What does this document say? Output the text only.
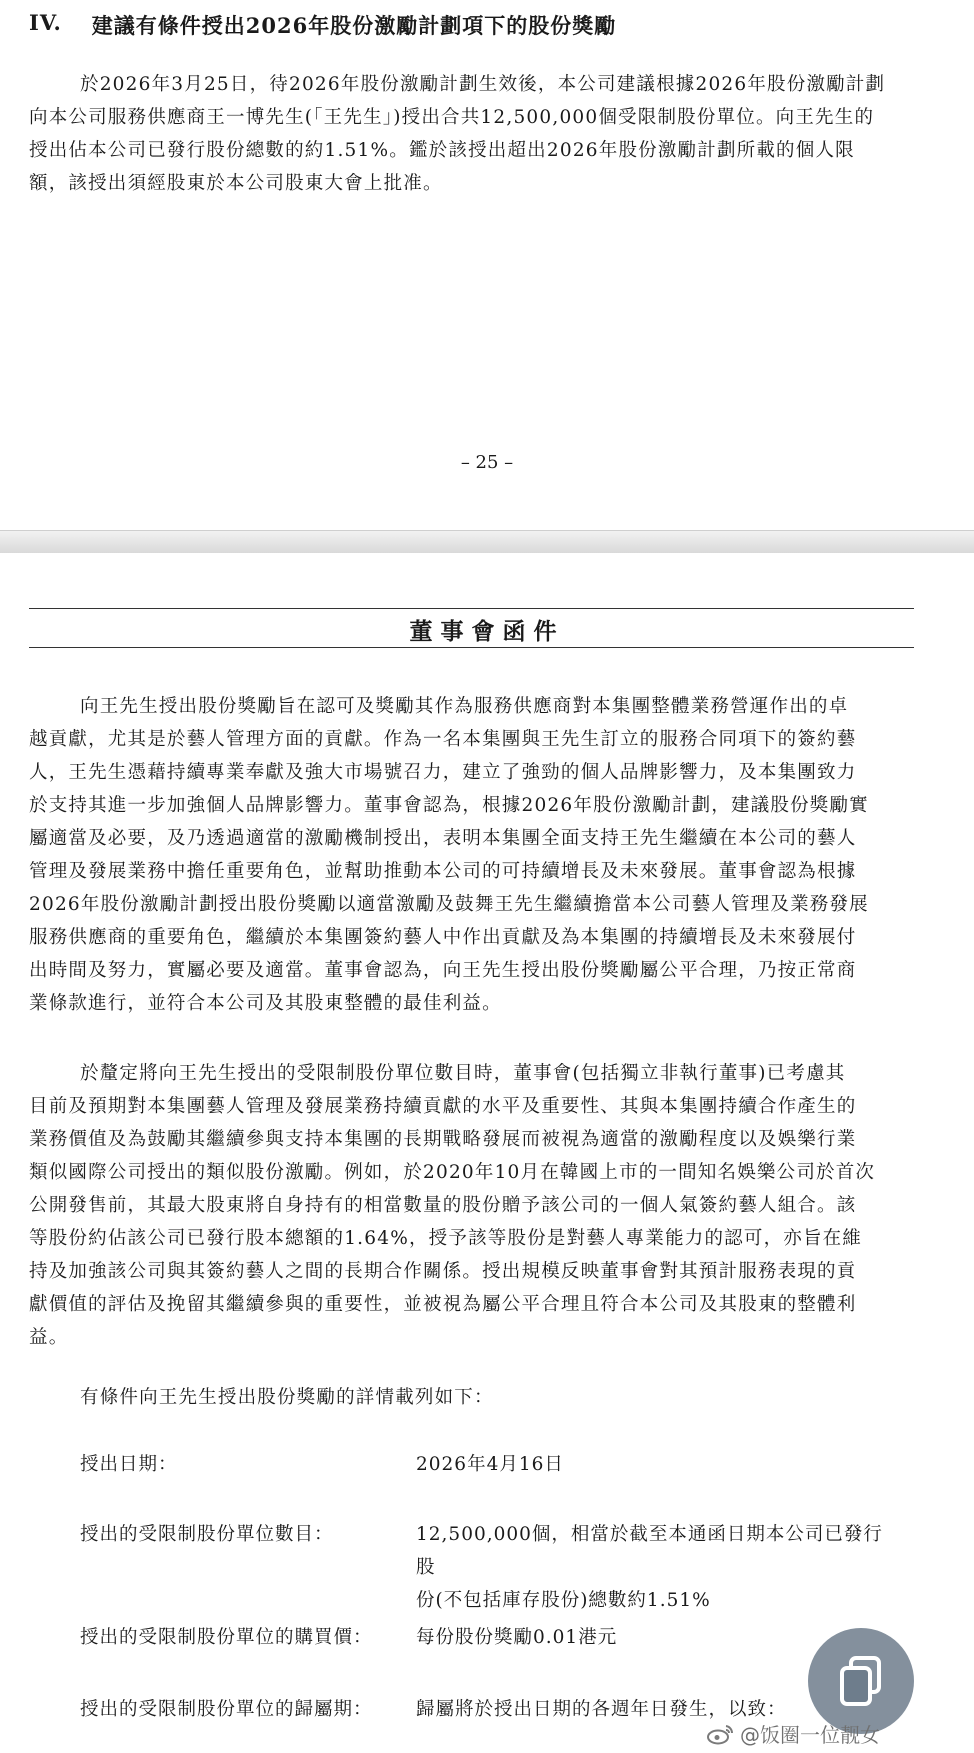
IV. 建議有條件授出2026年股份激勵計劃項下的股份獎勵
於2026年3月25日，待2026年股份激勵計劃生效後，本公司建議根據2026年股份激勵計劃
向本公司服務供應商王一博先生(「王先生」)授出合共12,500,000個受限制股份單位。向王先生的
授出佔本公司已發行股份總數的約1.51%。鑑於該授出超出2026年股份激勵計劃所載的個人限
額，該授出須經股東於本公司股東大會上批准。
– 25 –
董事會函件
向王先生授出股份獎勵旨在認可及獎勵其作為服務供應商對本集團整體業務營運作出的卓
越貢獻，尤其是於藝人管理方面的貢獻。作為一名本集團與王先生訂立的服務合同項下的簽約藝
人，王先生憑藉持續專業奉獻及強大市場號召力，建立了強勁的個人品牌影響力，及本集團致力
於支持其進一步加強個人品牌影響力。董事會認為，根據2026年股份激勵計劃，建議股份獎勵實
屬適當及必要，及乃透過適當的激勵機制授出，表明本集團全面支持王先生繼續在本公司的藝人
管理及發展業務中擔任重要角色，並幫助推動本公司的可持續增長及未來發展。董事會認為根據
2026年股份激勵計劃授出股份獎勵以適當激勵及鼓舞王先生繼續擔當本公司藝人管理及業務發展
服務供應商的重要角色，繼續於本集團簽約藝人中作出貢獻及為本集團的持續增長及未來發展付
出時間及努力，實屬必要及適當。董事會認為，向王先生授出股份獎勵屬公平合理，乃按正常商
業條款進行，並符合本公司及其股東整體的最佳利益。
於釐定將向王先生授出的受限制股份單位數目時，董事會(包括獨立非執行董事)已考慮其
目前及預期對本集團藝人管理及發展業務持續貢獻的水平及重要性、其與本集團持續合作產生的
業務價值及為鼓勵其繼續參與支持本集團的長期戰略發展而被視為適當的激勵程度以及娛樂行業
類似國際公司授出的類似股份激勵。例如，於2020年10月在韓國上市的一間知名娛樂公司於首次
公開發售前，其最大股東將自身持有的相當數量的股份贈予該公司的一個人氣簽約藝人組合。該
等股份約佔該公司已發行股本總額的1.64%，授予該等股份是對藝人專業能力的認可，亦旨在維
持及加強該公司與其簽約藝人之間的長期合作關係。授出規模反映董事會對其預計服務表現的貢
獻價值的評估及挽留其繼續參與的重要性，並被視為屬公平合理且符合本公司及其股東的整體利
益。
有條件向王先生授出股份獎勵的詳情載列如下：
授出日期：	2026年4月16日
授出的受限制股份單位數目：	12,500,000個，相當於截至本通函日期本公司已發行股
份(不包括庫存股份)總數約1.51%
授出的受限制股份單位的購買價：	每份股份獎勵0.01港元
授出的受限制股份單位的歸屬期：	歸屬將於授出日期的各週年日發生，以致：
@饭圈一位靓女
